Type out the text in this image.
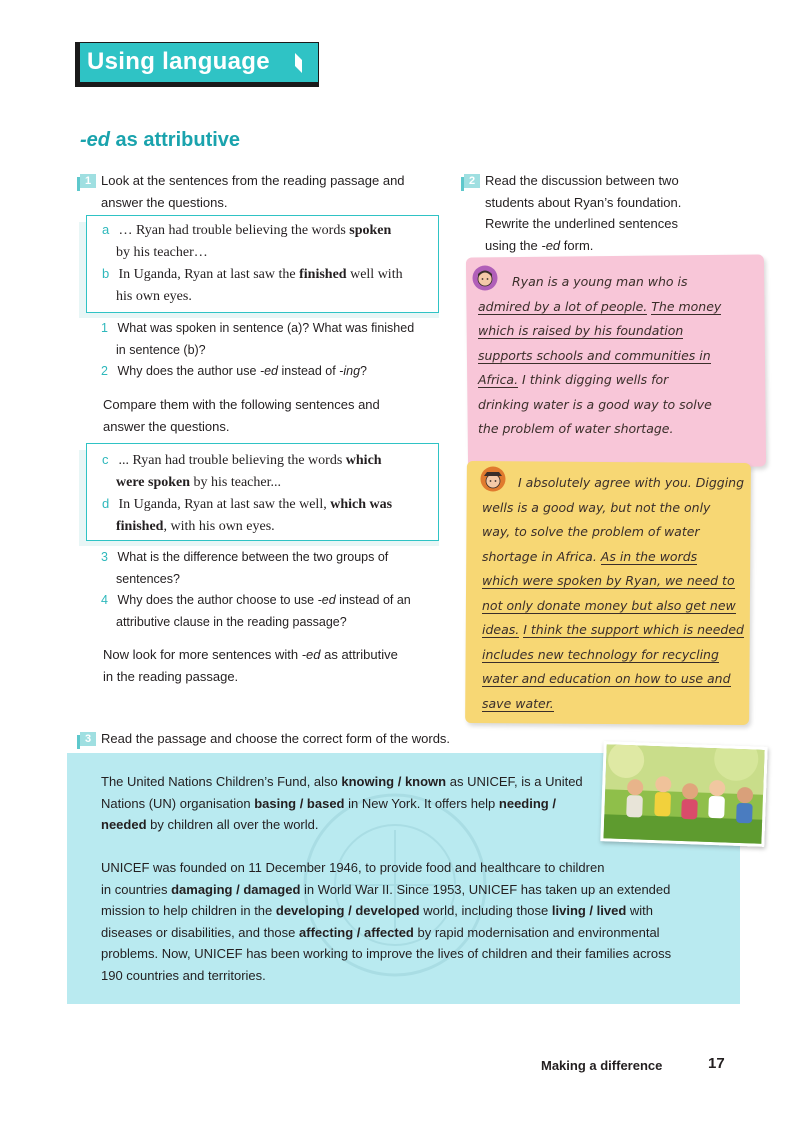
Using language
-ed as attributive
1 Look at the sentences from the reading passage and
answer the questions.
a … Ryan had trouble believing the words spoken
by his teacher…
b In Uganda, Ryan at last saw the finished well with
his own eyes.
1 What was spoken in sentence (a)? What was finished
in sentence (b)?
2 Why does the author use -ed instead of -ing?
Compare them with the following sentences and
answer the questions.
c ... Ryan had trouble believing the words which
were spoken by his teacher...
d In Uganda, Ryan at last saw the well, which was
finished, with his own eyes.
3 What is the difference between the two groups of
sentences?
4 Why does the author choose to use -ed instead of an
attributive clause in the reading passage?
Now look for more sentences with -ed as attributive
in the reading passage.
2 Read the discussion between two
students about Ryan’s foundation.
Rewrite the underlined sentences
using the -ed form.
Ryan is a young man who is
admired by a lot of people. The money
which is raised by his foundation
supports schools and communities in
Africa. I think digging wells for
drinking water is a good way to solve
the problem of water shortage.
I absolutely agree with you. Digging
wells is a good way, but not the only
way, to solve the problem of water
shortage in Africa. As in the words
which were spoken by Ryan, we need to
not only donate money but also get new
ideas. I think the support which is needed
includes new technology for recycling
water and education on how to use and
save water.
3 Read the passage and choose the correct form of the words.
The United Nations Children’s Fund, also knowing / known as UNICEF, is a United
Nations (UN) organisation basing / based in New York. It offers help needing /
needed by children all over the world.
UNICEF was founded on 11 December 1946, to provide food and healthcare to children
in countries damaging / damaged in World War II. Since 1953, UNICEF has taken up an extended
mission to help children in the developing / developed world, including those living / lived with
diseases or disabilities, and those affecting / affected by rapid modernisation and environmental
problems. Now, UNICEF has been working to improve the lives of children and their families across
190 countries and territories.
Making a difference	17
